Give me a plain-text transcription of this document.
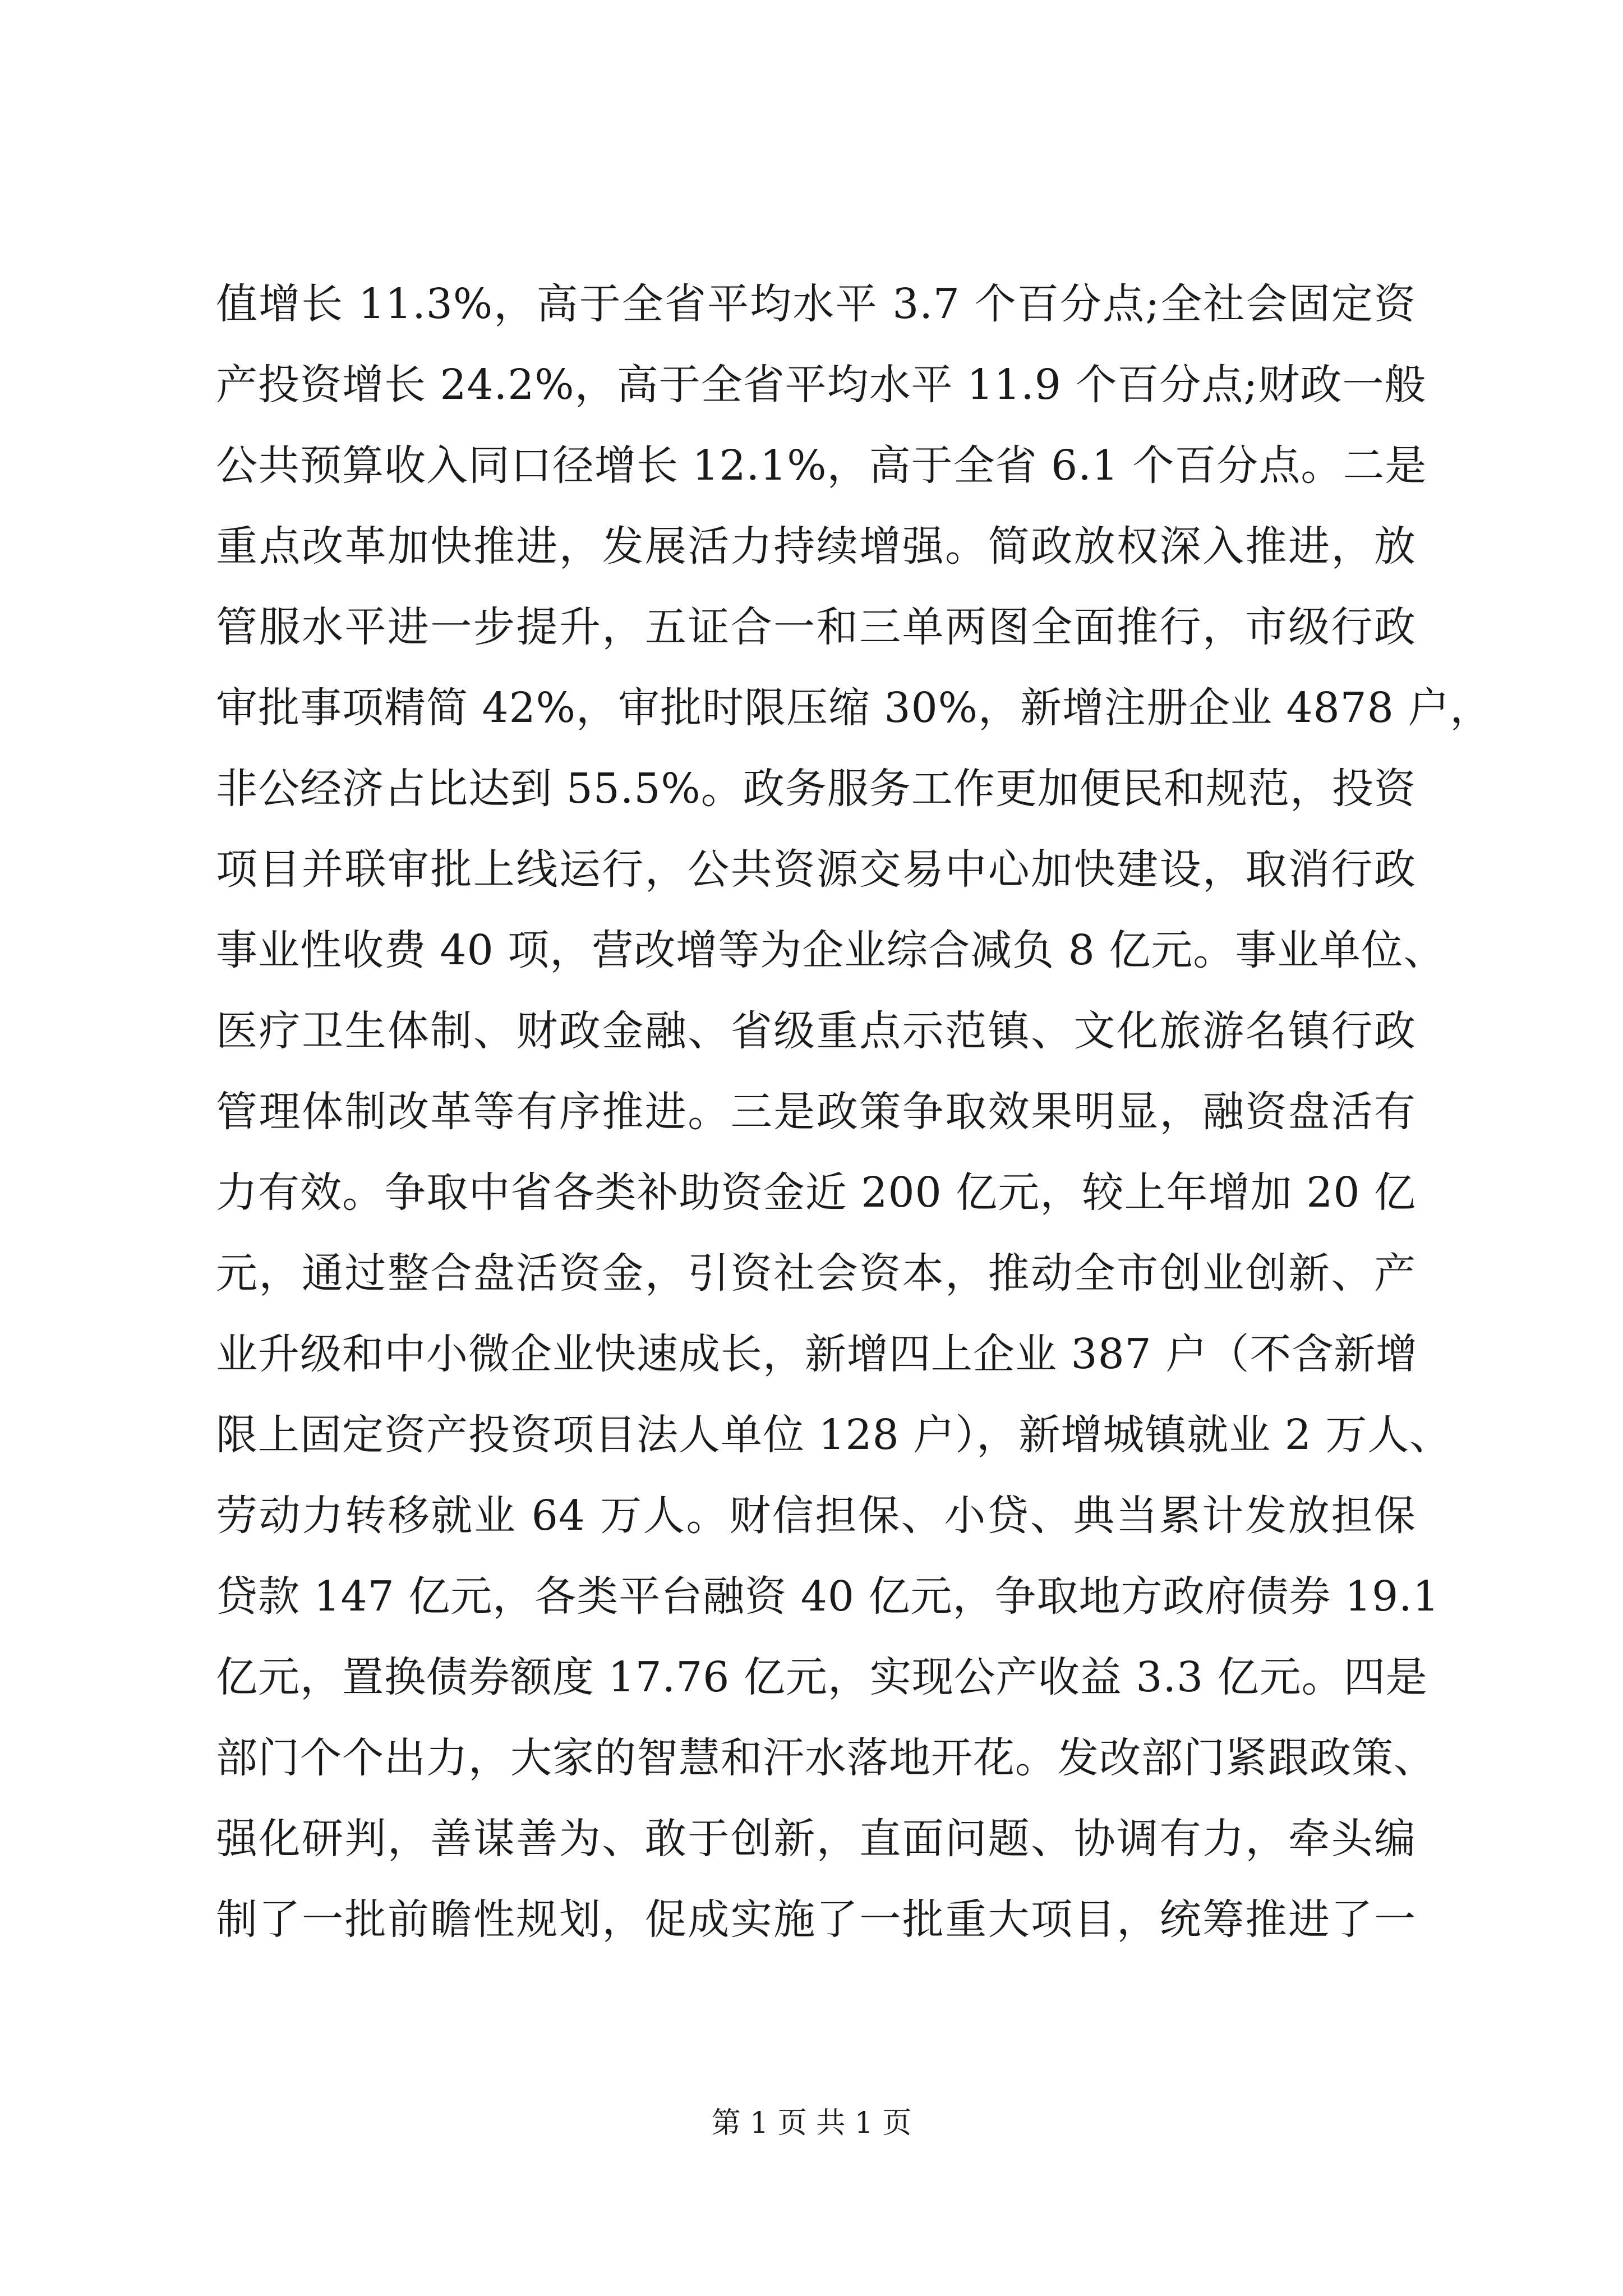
值增长 11.3%，高于全省平均水平 3.7 个百分点;全社会固定资
产投资增长 24.2%，高于全省平均水平 11.9 个百分点;财政一般
公共预算收入同口径增长 12.1%，高于全省 6.1 个百分点。二是
重点改革加快推进，发展活力持续增强。简政放权深入推进，放
管服水平进一步提升，五证合一和三单两图全面推行，市级行政
审批事项精简 42%，审批时限压缩 30%，新增注册企业 4878 户，
非公经济占比达到 55.5%。政务服务工作更加便民和规范，投资
项目并联审批上线运行，公共资源交易中心加快建设，取消行政
事业性收费 40 项，营改增等为企业综合减负 8 亿元。事业单位、
医疗卫生体制、财政金融、省级重点示范镇、文化旅游名镇行政
管理体制改革等有序推进。三是政策争取效果明显，融资盘活有
力有效。争取中省各类补助资金近 200 亿元，较上年增加 20 亿
元，通过整合盘活资金，引资社会资本，推动全市创业创新、产
业升级和中小微企业快速成长，新增四上企业 387 户（不含新增
限上固定资产投资项目法人单位 128 户），新增城镇就业 2 万人、
劳动力转移就业 64 万人。财信担保、小贷、典当累计发放担保
贷款 147 亿元，各类平台融资 40 亿元，争取地方政府债券 19.1
亿元，置换债券额度 17.76 亿元，实现公产收益 3.3 亿元。四是
部门个个出力，大家的智慧和汗水落地开花。发改部门紧跟政策、
强化研判，善谋善为、敢于创新，直面问题、协调有力，牵头编
制了一批前瞻性规划，促成实施了一批重大项目，统筹推进了一
第 1 页 共 1 页
